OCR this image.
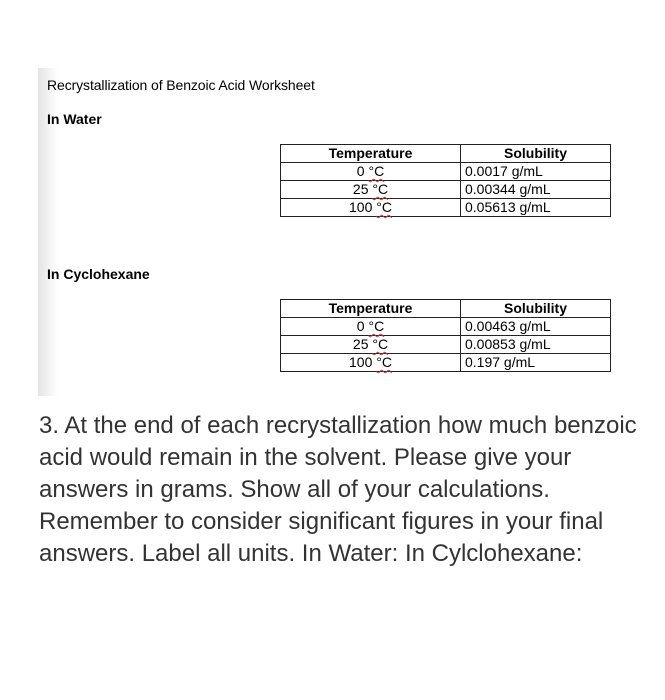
Recrystallization of Benzoic Acid Worksheet
In Water
Temperature	Solubility
0 °C	0.0017 g/mL
25 °C	0.00344 g/mL
100 °C	0.05613 g/mL
In Cyclohexane
Temperature	Solubility
0 °C	0.00463 g/mL
25 °C	0.00853 g/mL
100 °C	0.197 g/mL
3. At the end of each recrystallization how much benzoic acid would remain in the solvent. Please give your answers in grams. Show all of your calculations. Remember to consider significant figures in your final answers. Label all units. In Water: In Cylclohexane:
